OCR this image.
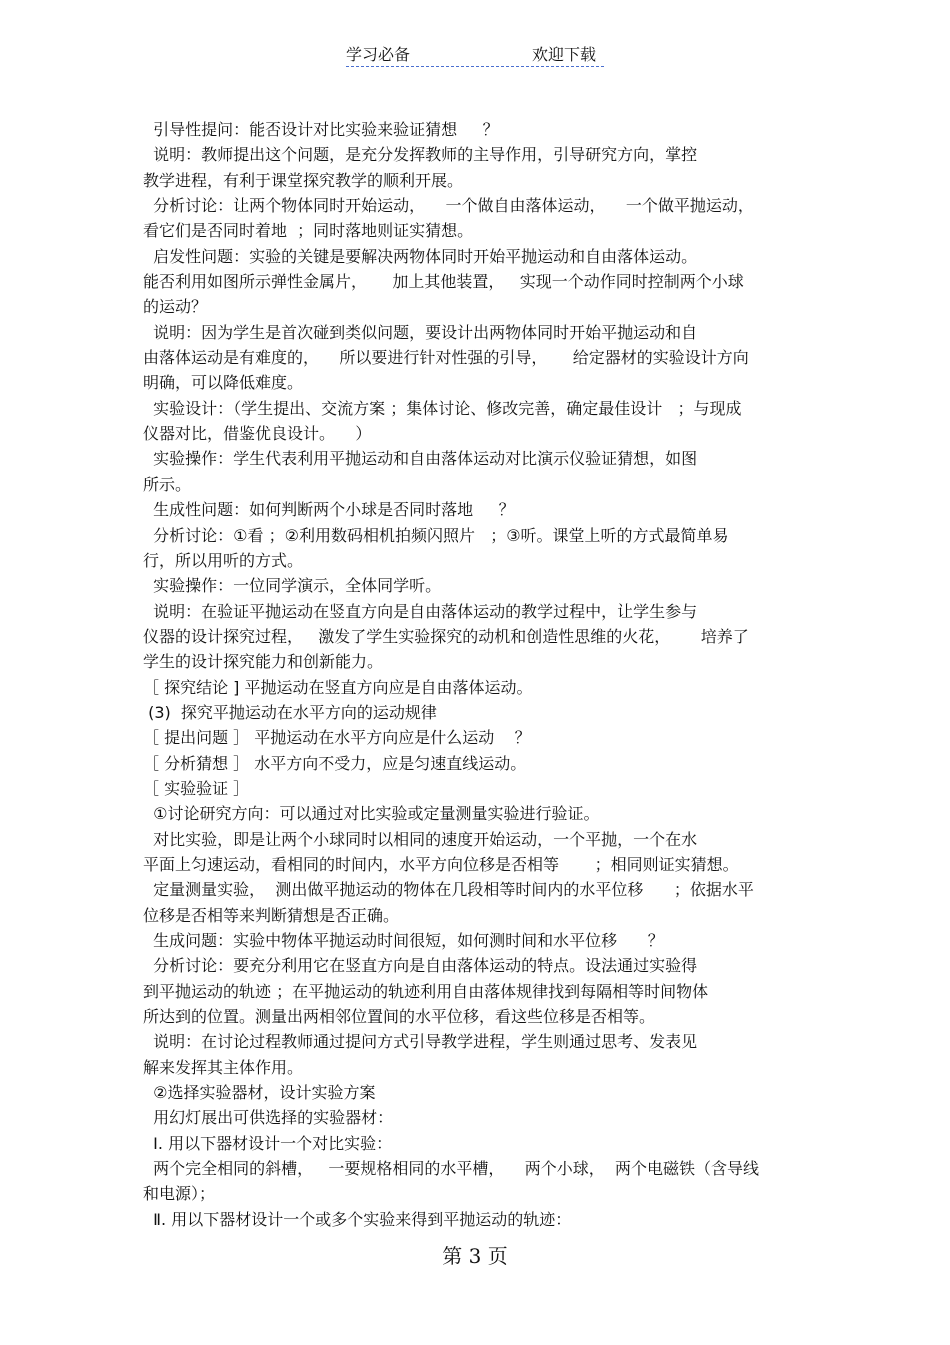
学习必备	欢迎下载
引导性提问：能否设计对比实验来验证猜想     ？
说明：教师提出这个问题，是充分发挥教师的主导作用，引导研究方向，掌控
教学进程，有利于课堂探究教学的顺利开展。
分析讨论：让两个物体同时开始运动，    一个做自由落体运动，    一个做平抛运动，
看它们是否同时着地  ；同时落地则证实猜想。
启发性问题：实验的关键是要解决两物体同时开始平抛运动和自由落体运动。
能否利用如图所示弹性金属片，     加上其他装置，   实现一个动作同时控制两个小球
的运动？
说明：因为学生是首次碰到类似问题，要设计出两物体同时开始平抛运动和自
由落体运动是有难度的，    所以要进行针对性强的引导，     给定器材的实验设计方向
明确，可以降低难度。
实验设计：（学生提出、交流方案 ；集体讨论、修改完善，确定最佳设计   ；与现成
仪器对比，借鉴优良设计。    ）
实验操作：学生代表利用平抛运动和自由落体运动对比演示仪验证猜想，如图
所示。
生成性问题：如何判断两个小球是否同时落地     ？
分析讨论：①看 ；②利用数码相机拍频闪照片   ；③听。课堂上听的方式最简单易
行，所以用听的方式。
实验操作：一位同学演示，全体同学听。
说明：在验证平抛运动在竖直方向是自由落体运动的教学过程中，让学生参与
仪器的设计探究过程，   激发了学生实验探究的动机和创造性思维的火花，      培养了
学生的设计探究能力和创新能力。
［ 探究结论 ] 平抛运动在竖直方向应是自由落体运动。
(3)  探究平抛运动在水平方向的运动规律
［ 提出问题 ］ 平抛运动在水平方向应是什么运动    ？
［ 分析猜想 ］ 水平方向不受力，应是匀速直线运动。
［ 实验验证 ］
①讨论研究方向：可以通过对比实验或定量测量实验进行验证。
对比实验，即是让两个小球同时以相同的速度开始运动，一个平抛，一个在水
平面上匀速运动，看相同的时间内，水平方向位移是否相等       ；相同则证实猜想。
定量测量实验，  测出做平抛运动的物体在几段相等时间内的水平位移      ；依据水平
位移是否相等来判断猜想是否正确。
生成问题：实验中物体平抛运动时间很短，如何测时间和水平位移      ？
分析讨论：要充分利用它在竖直方向是自由落体运动的特点。设法通过实验得
到平抛运动的轨迹 ；在平抛运动的轨迹利用自由落体规律找到每隔相等时间物体
所达到的位置。测量出两相邻位置间的水平位移，看这些位移是否相等。
说明：在讨论过程教师通过提问方式引导教学进程，学生则通过思考、发表见
解来发挥其主体作用。
②选择实验器材，设计实验方案
用幻灯展出可供选择的实验器材：
Ⅰ. 用以下器材设计一个对比实验：
两个完全相同的斜槽，   一要规格相同的水平槽，    两个小球，  两个电磁铁（含导线
和电源）；
Ⅱ. 用以下器材设计一个或多个实验来得到平抛运动的轨迹：
第 3 页
